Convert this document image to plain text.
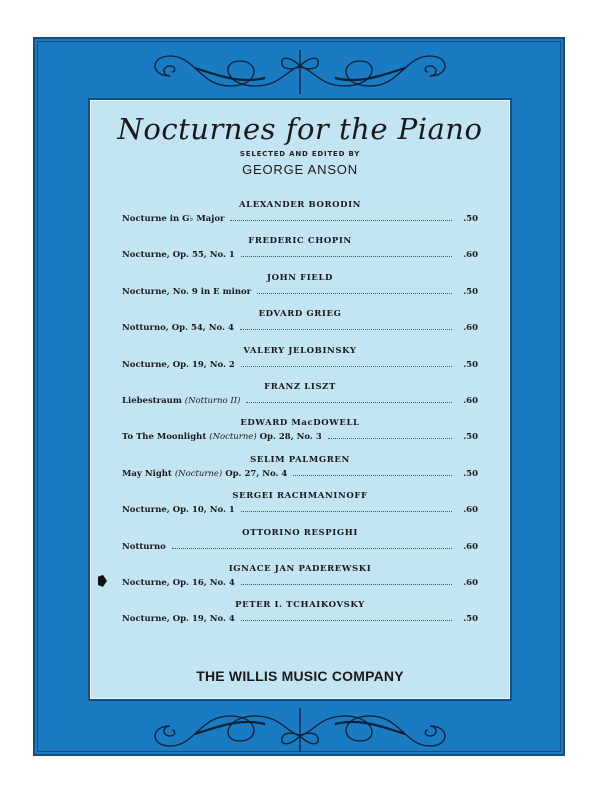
Nocturnes for the Piano
SELECTED AND EDITED BY
GEORGE ANSON
ALEXANDER BORODIN
Nocturne in G♭ Major	.50
FREDERIC CHOPIN
Nocturne, Op. 55, No. 1	.60
JOHN FIELD
Nocturne, No. 9 in E minor	.50
EDVARD GRIEG
Notturno, Op. 54, No. 4	.60
VALERY JELOBINSKY
Nocturne, Op. 19, No. 2	.50
FRANZ LISZT
Liebestraum (Notturno II)	.60
EDWARD MacDOWELL
To The Moonlight (Nocturne) Op. 28, No. 3	.50
SELIM PALMGREN
May Night (Nocturne) Op. 27, No. 4	.50
SERGEI RACHMANINOFF
Nocturne, Op. 10, No. 1	.60
OTTORINO RESPIGHI
Notturno	.60
IGNACE JAN PADEREWSKI
Nocturne, Op. 16, No. 4	.60
PETER I. TCHAIKOVSKY
Nocturne, Op. 19, No. 4	.50
THE WILLIS MUSIC COMPANY
